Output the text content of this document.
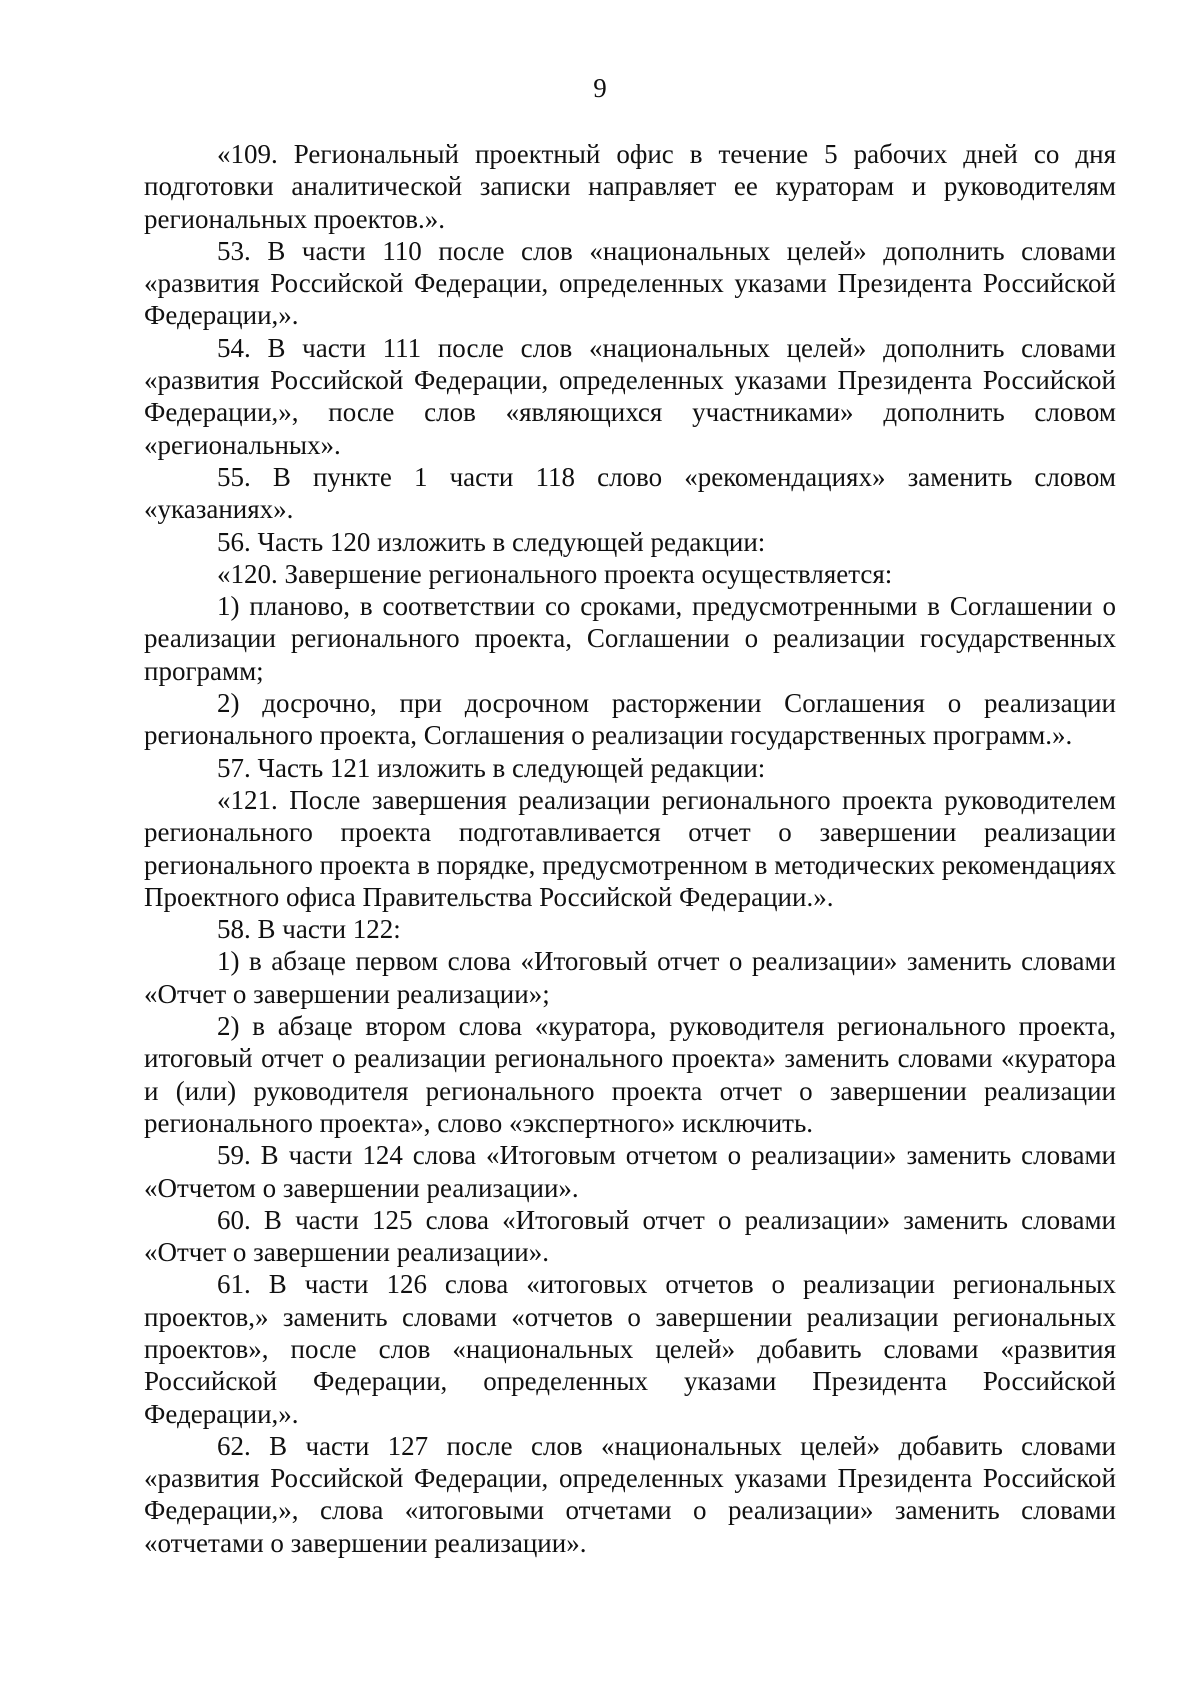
9

«109. Региональный проектный офис в течение 5 рабочих дней со дня подготовки аналитической записки направляет ее кураторам и руководителям региональных проектов.».

53. В части 110 после слов «национальных целей» дополнить словами «развития Российской Федерации, определенных указами Президента Российской Федерации,».

54. В части 111 после слов «национальных целей» дополнить словами «развития Российской Федерации, определенных указами Президента Российской Федерации,», после слов «являющихся участниками» дополнить словом «региональных».

55. В пункте 1 части 118 слово «рекомендациях» заменить словом «указаниях».

56. Часть 120 изложить в следующей редакции:

«120. Завершение регионального проекта осуществляется:

1) планово, в соответствии со сроками, предусмотренными в Соглашении о реализации регионального проекта, Соглашении о реализации государственных программ;

2) досрочно, при досрочном расторжении Соглашения о реализации регионального проекта, Соглашения о реализации государственных программ.».

57. Часть 121 изложить в следующей редакции:

«121. После завершения реализации регионального проекта руководителем регионального проекта подготавливается отчет о завершении реализации регионального проекта в порядке, предусмотренном в методических рекомендациях Проектного офиса Правительства Российской Федерации.».

58. В части 122:

1) в абзаце первом слова «Итоговый отчет о реализации» заменить словами «Отчет о завершении реализации»;

2) в абзаце втором слова «куратора, руководителя регионального проекта, итоговый отчет о реализации регионального проекта» заменить словами «куратора и (или) руководителя регионального проекта отчет о завершении реализации регионального проекта», слово «экспертного» исключить.

59. В части 124 слова «Итоговым отчетом о реализации» заменить словами «Отчетом о завершении реализации».

60. В части 125 слова «Итоговый отчет о реализации» заменить словами «Отчет о завершении реализации».

61. В части 126 слова «итоговых отчетов о реализации региональных проектов,» заменить словами «отчетов о завершении реализации региональных проектов», после слов «национальных целей» добавить словами «развития Российской Федерации, определенных указами Президента Российской Федерации,».

62. В части 127 после слов «национальных целей» добавить словами «развития Российской Федерации, определенных указами Президента Российской Федерации,», слова «итоговыми отчетами о реализации» заменить словами «отчетами о завершении реализации».
